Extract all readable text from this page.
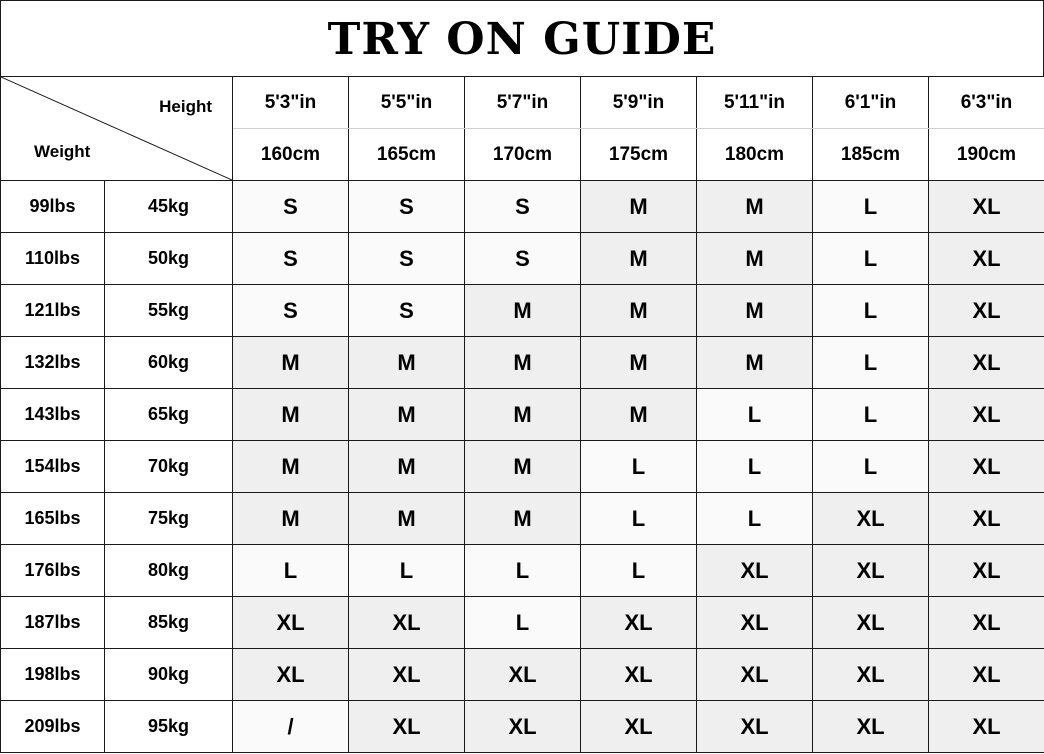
TRY ON GUIDE
Height
Weight		5'3"in	5'5"in	5'7"in	5'9"in	5'11"in	6'1"in	6'3"in
		160cm	165cm	170cm	175cm	180cm	185cm	190cm
99lbs	45kg	S	S	S	M	M	L	XL
110lbs	50kg	S	S	S	M	M	L	XL
121lbs	55kg	S	S	M	M	M	L	XL
132lbs	60kg	M	M	M	M	M	L	XL
143lbs	65kg	M	M	M	M	L	L	XL
154lbs	70kg	M	M	M	L	L	L	XL
165lbs	75kg	M	M	M	L	L	XL	XL
176lbs	80kg	L	L	L	L	XL	XL	XL
187lbs	85kg	XL	XL	L	XL	XL	XL	XL
198lbs	90kg	XL	XL	XL	XL	XL	XL	XL
209lbs	95kg	/	XL	XL	XL	XL	XL	XL
